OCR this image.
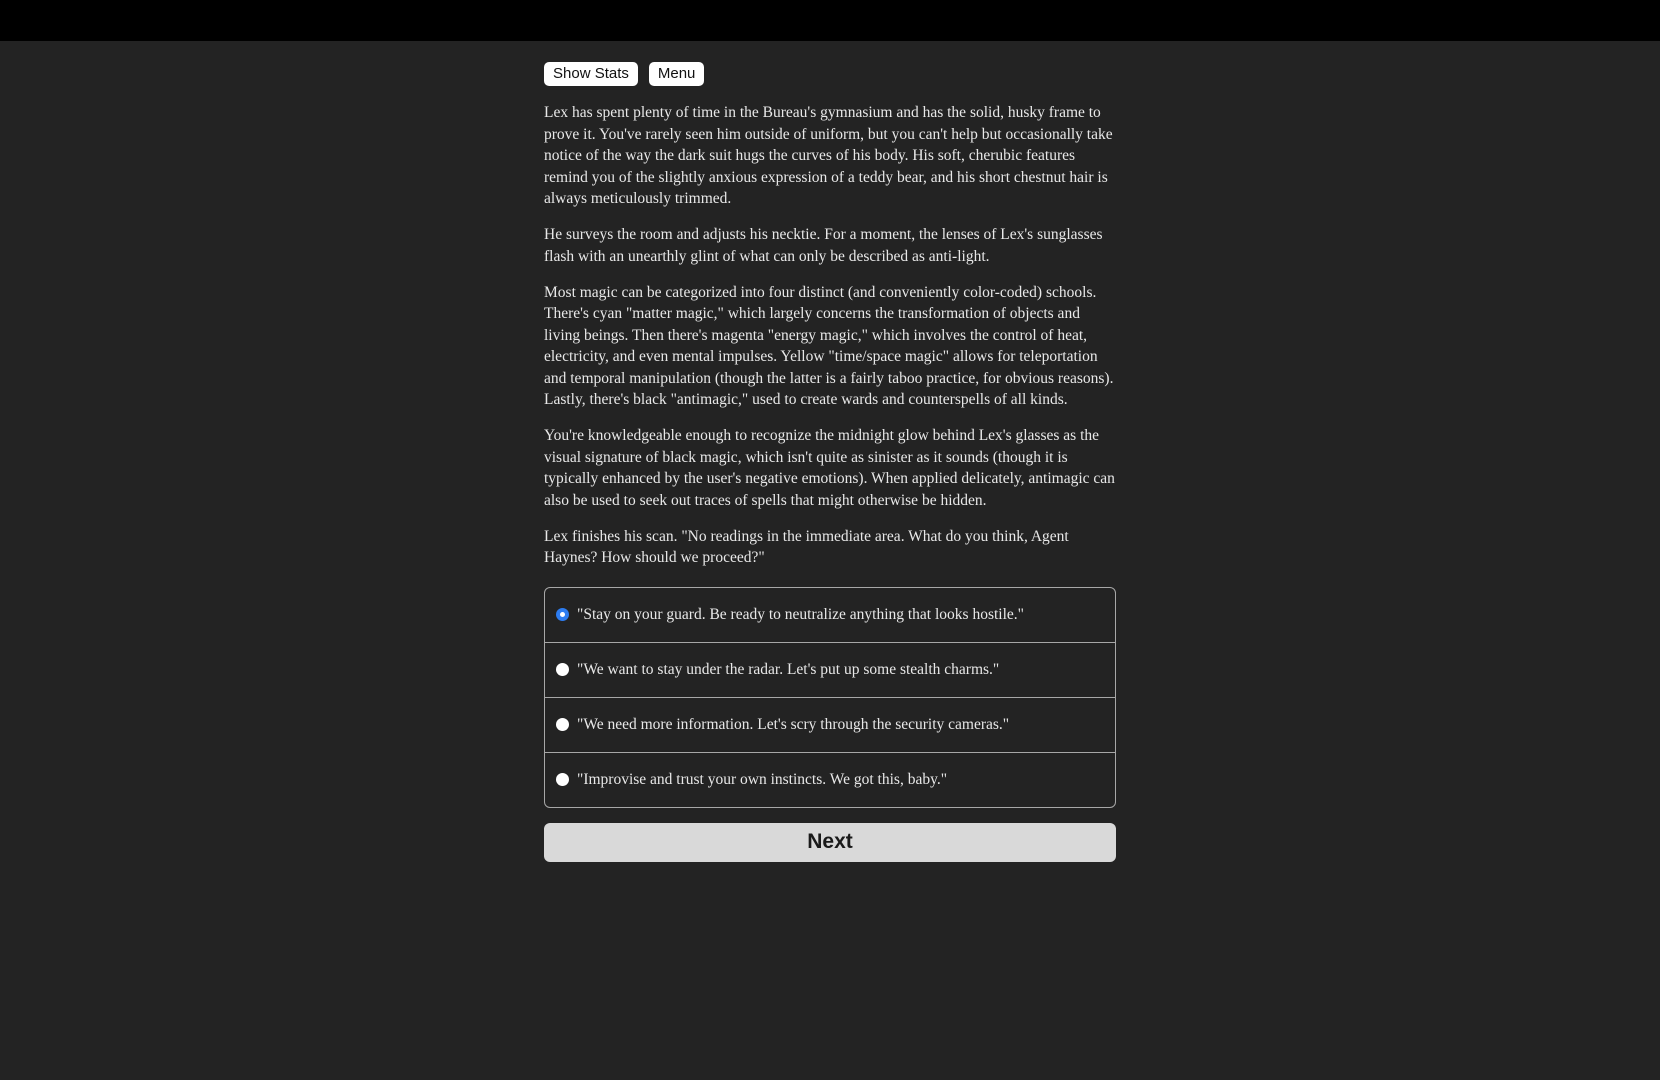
Show Stats	Menu

Lex has spent plenty of time in the Bureau's gymnasium and has the solid, husky frame to prove it. You've rarely seen him outside of uniform, but you can't help but occasionally take notice of the way the dark suit hugs the curves of his body. His soft, cherubic features remind you of the slightly anxious expression of a teddy bear, and his short chestnut hair is always meticulously trimmed.

He surveys the room and adjusts his necktie. For a moment, the lenses of Lex's sunglasses flash with an unearthly glint of what can only be described as anti-light.

Most magic can be categorized into four distinct (and conveniently color-coded) schools. There's cyan "matter magic," which largely concerns the transformation of objects and living beings. Then there's magenta "energy magic," which involves the control of heat, electricity, and even mental impulses. Yellow "time/space magic" allows for teleportation and temporal manipulation (though the latter is a fairly taboo practice, for obvious reasons). Lastly, there's black "antimagic," used to create wards and counterspells of all kinds.

You're knowledgeable enough to recognize the midnight glow behind Lex's glasses as the visual signature of black magic, which isn't quite as sinister as it sounds (though it is typically enhanced by the user's negative emotions). When applied delicately, antimagic can also be used to seek out traces of spells that might otherwise be hidden.

Lex finishes his scan. "No readings in the immediate area. What do you think, Agent Haynes? How should we proceed?"

"Stay on your guard. Be ready to neutralize anything that looks hostile."
"We want to stay under the radar. Let's put up some stealth charms."
"We need more information. Let's scry through the security cameras."
"Improvise and trust your own instincts. We got this, baby."
Next
